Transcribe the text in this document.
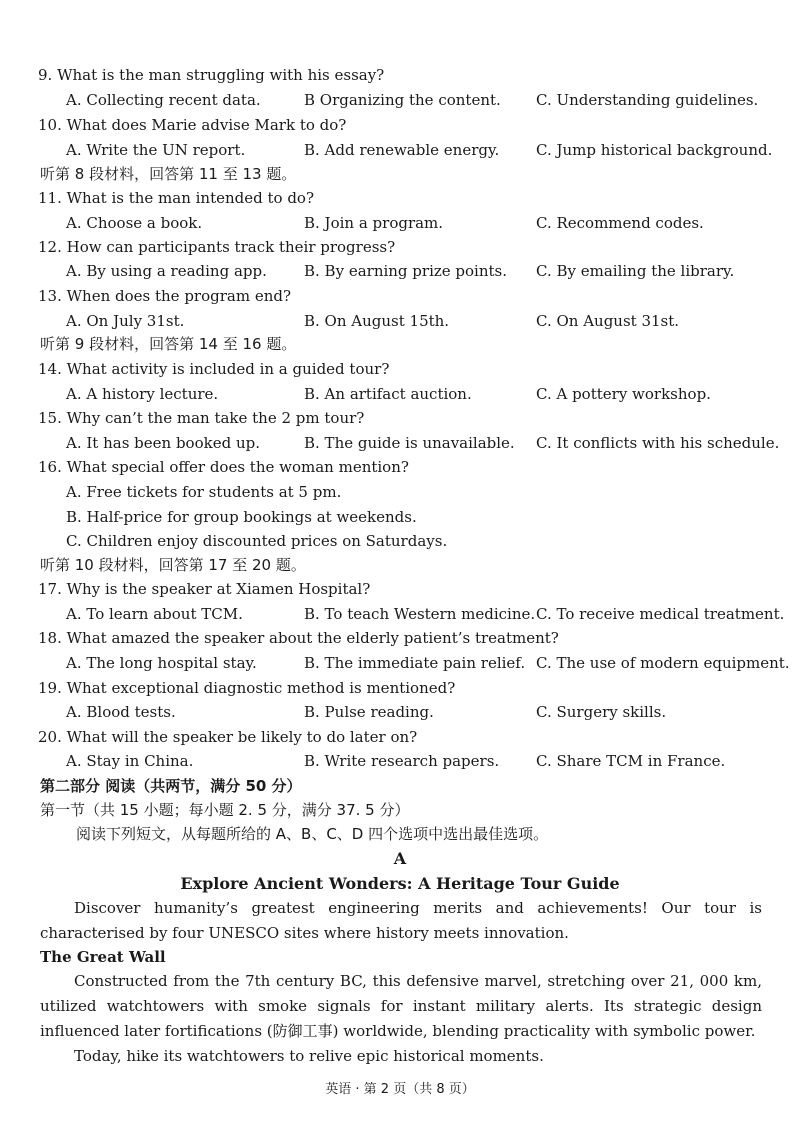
9. What is the man struggling with his essay?
A. Collecting recent data.	B Organizing the content. C. Understanding guidelines.
10. What does Marie advise Mark to do?
A. Write the UN report.	B. Add renewable energy. C. Jump historical background.
听第 8 段材料，回答第 11 至 13 题。
11. What is the man intended to do?
A. Choose a book.	B. Join a program.	C. Recommend codes.
12. How can participants track their progress?
A. By using a reading app. B. By earning prize points. C. By emailing the library.
13. When does the program end?
A. On July 31st.	B. On August 15th.	C. On August 31st.
听第 9 段材料，回答第 14 至 16 题。
14. What activity is included in a guided tour?
A. A history lecture.	B. An artifact auction.	C. A pottery workshop.
15. Why can’t the man take the 2 pm tour?
A. It has been booked up.	B. The guide is unavailable. C. It conflicts with his schedule.
16. What special offer does the woman mention?
A. Free tickets for students at 5 pm.
B. Half-price for group bookings at weekends.
C. Children enjoy discounted prices on Saturdays.
听第 10 段材料，回答第 17 至 20 题。
17. Why is the speaker at Xiamen Hospital?
A. To learn about TCM.	B. To teach Western medicine. C. To receive medical treatment.
18. What amazed the speaker about the elderly patient’s treatment?
A. The long hospital stay.	B. The immediate pain relief. C. The use of modern equipment.
19. What exceptional diagnostic method is mentioned?
A. Blood tests.	B. Pulse reading.	C. Surgery skills.
20. What will the speaker be likely to do later on?
A. Stay in China.	B. Write research papers. C. Share TCM in France.
第二部分 阅读（共两节，满分 50 分）
第一节（共 15 小题；每小题 2. 5 分，满分 37. 5 分）
阅读下列短文，从每题所给的 A、B、C、D 四个选项中选出最佳选项。
A
Explore Ancient Wonders: A Heritage Tour Guide
Discover humanity’s greatest engineering merits and achievements! Our tour is characterised by four UNESCO sites where history meets innovation.
The Great Wall
Constructed from the 7th century BC, this defensive marvel, stretching over 21, 000 km, utilized watchtowers with smoke signals for instant military alerts. Its strategic design influenced later fortifications (防御工事) worldwide, blending practicality with symbolic power.
Today, hike its watchtowers to relive epic historical moments.
英语 · 第 2 页（共 8 页）
